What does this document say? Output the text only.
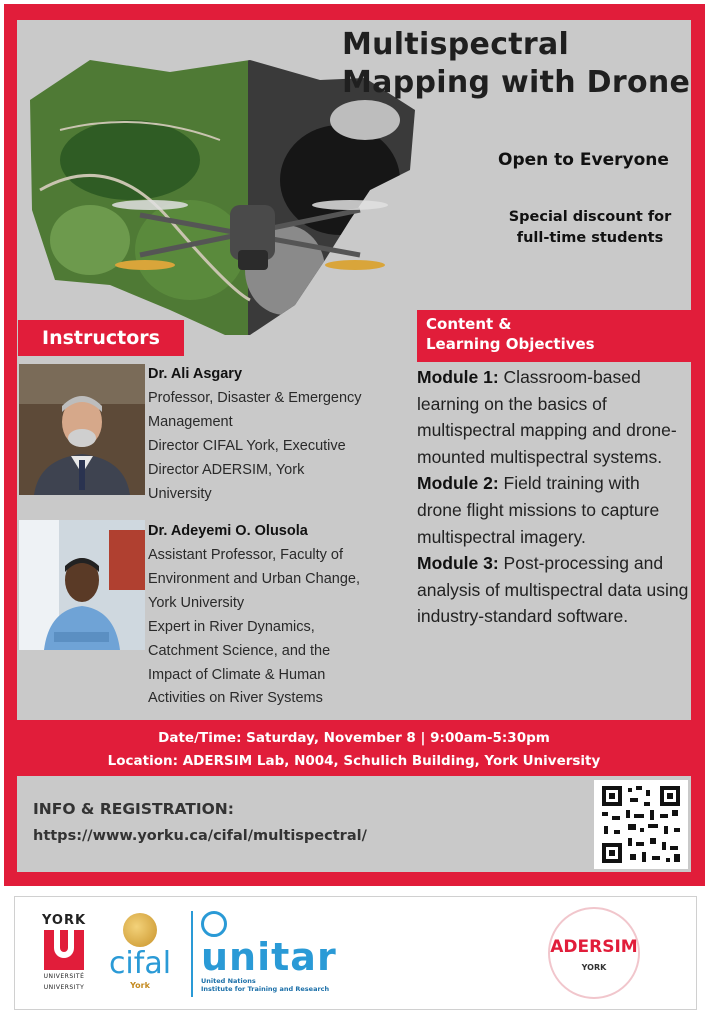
Multispectral Mapping with Drone
Open to Everyone
Special discount for full-time students
Instructors
Content &
Learning Objectives
Dr. Ali Asgary
Professor, Disaster & Emergency
Management
Director CIFAL York, Executive
Director ADERSIM, York
University
Dr. Adeyemi O. Olusola
Assistant Professor, Faculty of
Environment and Urban Change,
York University
Expert in River Dynamics,
Catchment Science, and the
Impact of Climate & Human
Activities on River Systems

Module 1: Classroom-based learning on the basics of multispectral mapping and drone-mounted multispectral systems.

Module 2: Field training with drone flight missions to capture multispectral imagery.

Module 3: Post-processing and analysis of multispectral data using industry-standard software.

Date/Time: Saturday, November 8 | 9:00am-5:30pm
Location: ADERSIM Lab, N004, Schulich Building, York University
INFO & REGISTRATION:
https://www.yorku.ca/cifal/multispectral/
YORK
UNIVERSITÉ
UNIVERSITY
cifal
York
unitar
United Nations
Institute for Training and Research
ADERSIM
YORK
